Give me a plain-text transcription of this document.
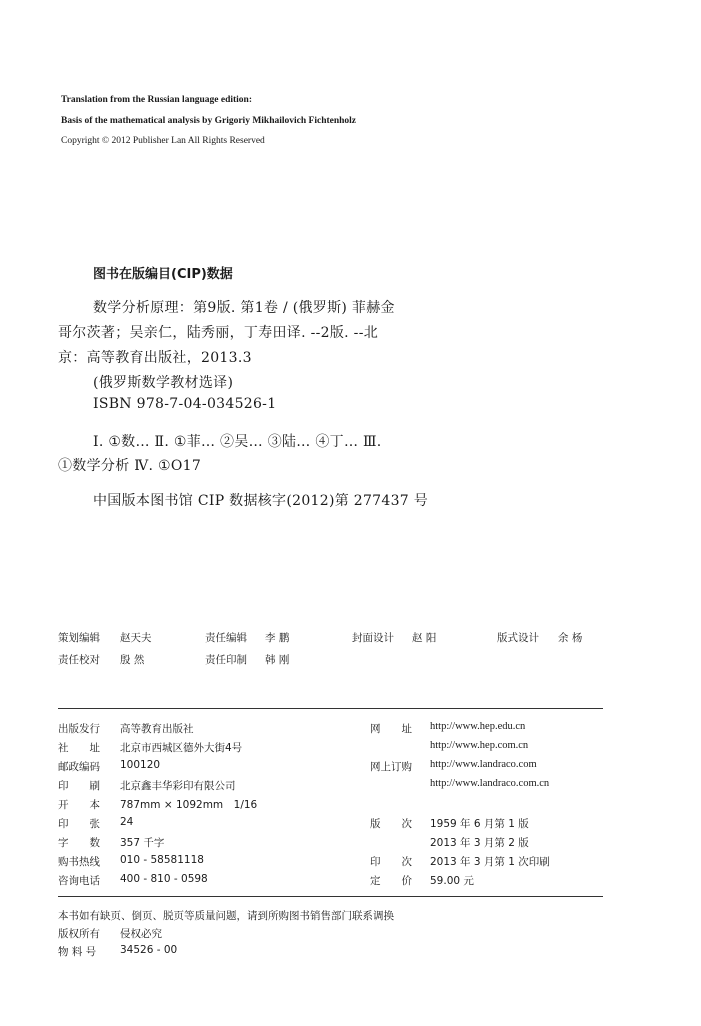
Translation from the Russian language edition:
Basis of the mathematical analysis by Grigoriy Mikhailovich Fichtenholz
Copyright © 2012 Publisher Lan All Rights Reserved
图书在版编目(CIP)数据
数学分析原理：第9版. 第1卷 / (俄罗斯) 菲赫金
哥尔茨著；吴亲仁，陆秀丽，丁寿田译. --2版. --北
京：高等教育出版社，2013.3
(俄罗斯数学教材选译)
ISBN 978-7-04-034526-1
Ⅰ. ①数… Ⅱ. ①菲… ②吴… ③陆… ④丁… Ⅲ.
①数学分析 Ⅳ. ①O17
中国版本图书馆 CIP 数据核字(2012)第 277437 号
策划编辑 赵天夫	责任编辑 李 鹏	封面设计 赵 阳	版式设计 余 杨
责任校对 殷 然	责任印制 韩 刚
出版发行 高等教育出版社
社　　址 北京市西城区德外大街4号
邮政编码 100120
印　　刷 北京鑫丰华彩印有限公司
开　　本 787mm × 1092mm　1/16
印　　张 24
字　　数 357 千字
购书热线 010 - 58581118
咨询电话 400 - 810 - 0598
网　　址 http://www.hep.edu.cn
http://www.hep.com.cn
网上订购 http://www.landraco.com
http://www.landraco.com.cn
版　　次 1959 年 6 月第 1 版
2013 年 3 月第 2 版
印　　次 2013 年 3 月第 1 次印刷
定　　价 59.00 元
本书如有缺页、倒页、脱页等质量问题，请到所购图书销售部门联系调换
版权所有 侵权必究
物 料 号 34526 - 00
